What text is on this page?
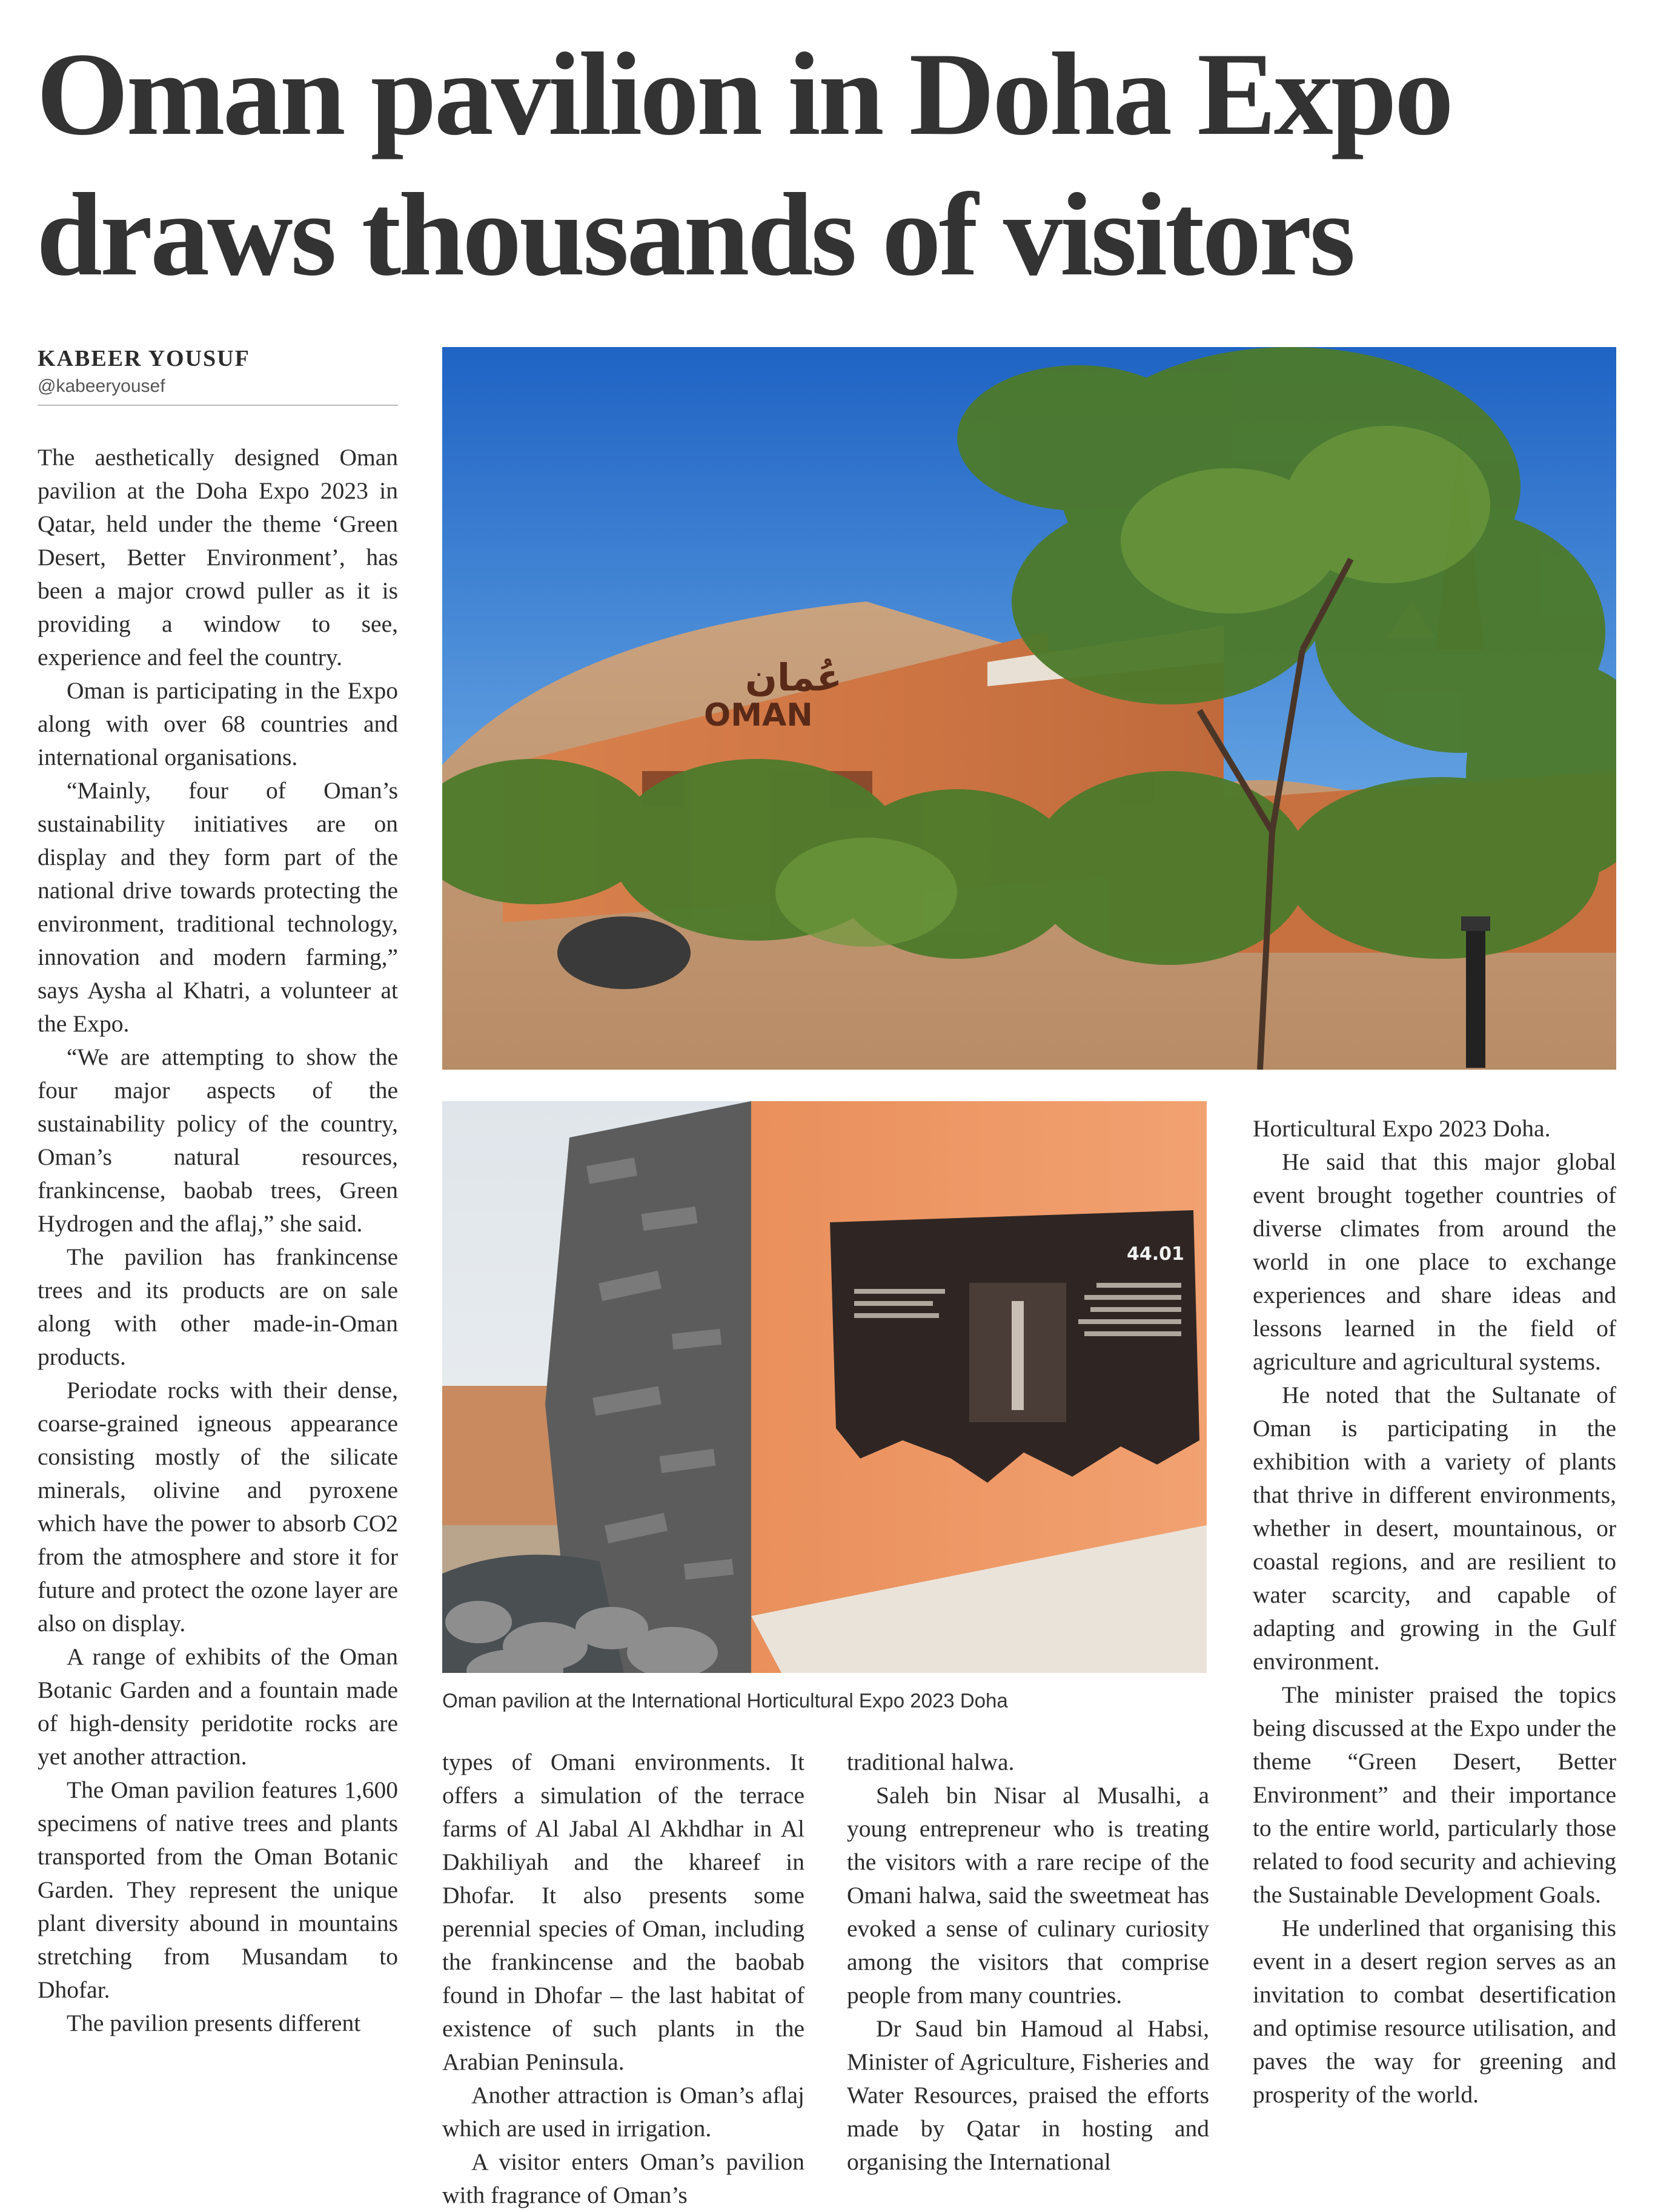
Oman pavilion in Doha Expo
draws thousands of visitors
KABEER YOUSUF
@kabeeryousef
عُمان
OMAN
44.01
Oman pavilion at the International Horticultural Expo 2023 Doha

The aesthetically designed Oman pavilion at the Doha Expo 2023 in Qatar, held under the theme ‘Green Desert, Better Environment’, has been a major crowd puller as it is providing a window to see, experience and feel the country.

Oman is participating in the Expo along with over 68 countries and international organisations.

“Mainly, four of Oman’s sustainability initiatives are on display and they form part of the national drive towards protecting the environment, traditional technology, innovation and modern farming,” says Aysha al Khatri, a volunteer at the Expo.

“We are attempting to show the four major aspects of the sustainability policy of the country, Oman’s natural resources, frankincense, baobab trees, Green Hydrogen and the aflaj,” she said.

The pavilion has frankincense trees and its products are on sale along with other made-in-Oman products.

Periodate rocks with their dense, coarse-grained igneous appearance consisting mostly of the silicate minerals, olivine and pyroxene which have the power to absorb CO2 from the atmosphere and store it for future and protect the ozone layer are also on display.

A range of exhibits of the Oman Botanic Garden and a fountain made of high-density peridotite rocks are yet another attraction.

The Oman pavilion features 1,600 specimens of native trees and plants transported from the Oman Botanic Garden. They represent the unique plant diversity abound in mountains stretching from Musandam to Dhofar.

The pavilion presents different

types of Omani environments. It offers a simulation of the terrace farms of Al Jabal Al Akhdhar in Al Dakhiliyah and the khareef in Dhofar. It also presents some perennial species of Oman, including the frankincense and the baobab found in Dhofar – the last habitat of existence of such plants in the Arabian Peninsula.

Another attraction is Oman’s aflaj which are used in irrigation.

A visitor enters Oman’s pavilion with fragrance of Oman’s

traditional halwa.

Saleh bin Nisar al Musalhi, a young entrepreneur who is treating the visitors with a rare recipe of the Omani halwa, said the sweetmeat has evoked a sense of culinary curiosity among the visitors that comprise people from many countries.

Dr Saud bin Hamoud al Habsi, Minister of Agriculture, Fisheries and Water Resources, praised the efforts made by Qatar in hosting and organising the International

Horticultural Expo 2023 Doha.

He said that this major global event brought together countries of diverse climates from around the world in one place to exchange experiences and share ideas and lessons learned in the field of agriculture and agricultural systems.

He noted that the Sultanate of Oman is participating in the exhibition with a variety of plants that thrive in different environments, whether in desert, mountainous, or coastal regions, and are resilient to water scarcity, and capable of adapting and growing in the Gulf environment.

The minister praised the topics being discussed at the Expo under the theme “Green Desert, Better Environment” and their importance to the entire world, particularly those related to food security and achieving the Sustainable Development Goals.

He underlined that organising this event in a desert region serves as an invitation to combat desertification and optimise resource utilisation, and paves the way for greening and prosperity of the world.
